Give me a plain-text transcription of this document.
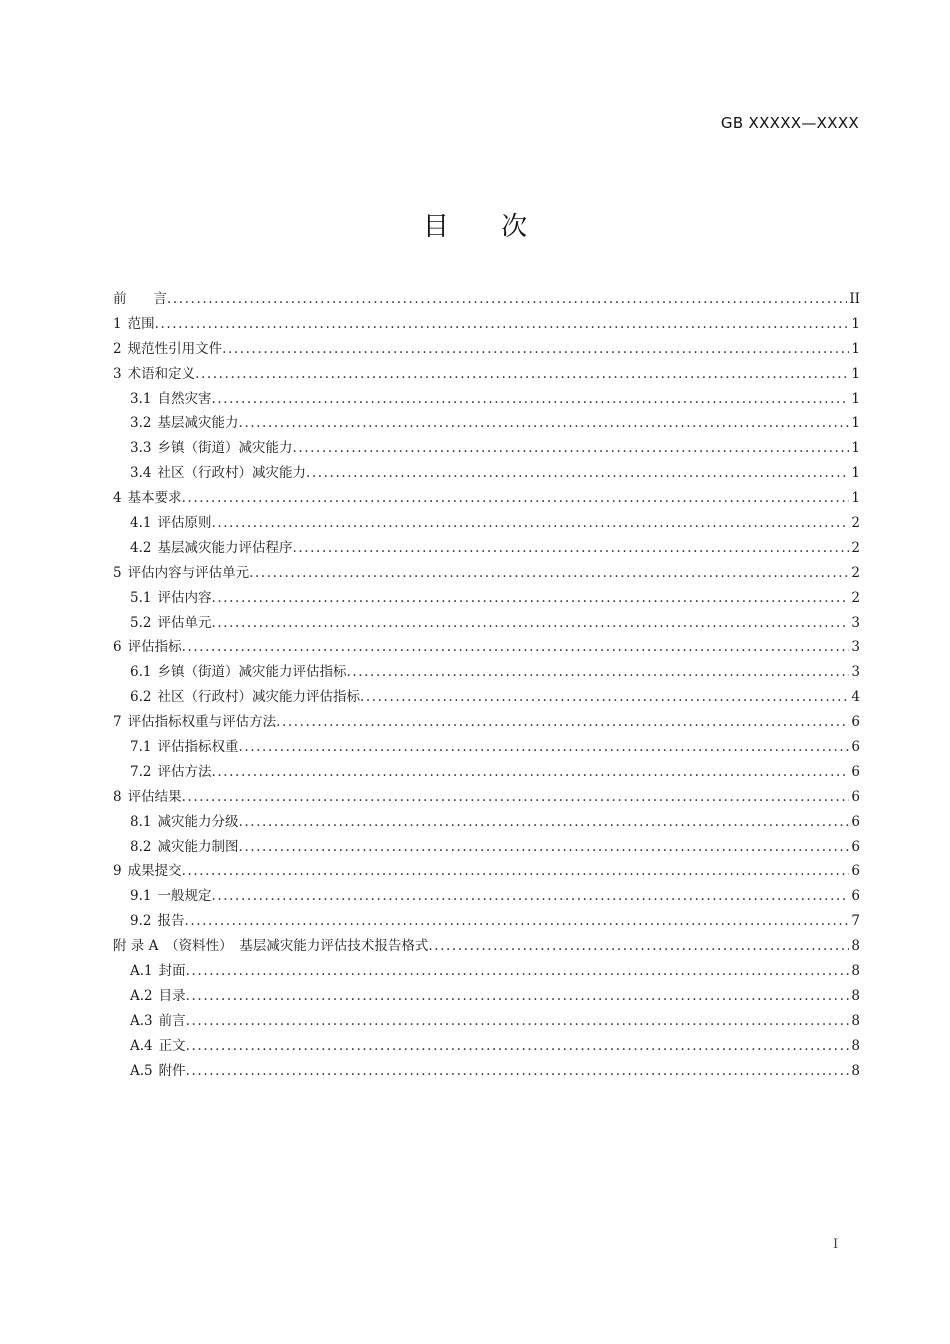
GB XXXXX—XXXX
目 次
前　　言 .....	II
1 范围 .....	1
2 规范性引用文件 .....	1
3 术语和定义 .....	1
3.1 自然灾害 .....	1
3.2 基层减灾能力 .....	1
3.3 乡镇（街道）减灾能力 .....	1
3.4 社区（行政村）减灾能力 .....	1
4 基本要求 .....	1
4.1 评估原则 .....	2
4.2 基层减灾能力评估程序 .....	2
5 评估内容与评估单元 .....	2
5.1 评估内容 .....	2
5.2 评估单元 .....	3
6 评估指标 .....	3
6.1 乡镇（街道）减灾能力评估指标 .....	3
6.2 社区（行政村）减灾能力评估指标 .....	4
7 评估指标权重与评估方法 .....	6
7.1 评估指标权重 .....	6
7.2 评估方法 .....	6
8 评估结果 .....	6
8.1 减灾能力分级 .....	6
8.2 减灾能力制图 .....	6
9 成果提交 .....	6
9.1 一般规定 .....	6
9.2 报告 .....	7
附 录 A　（资料性）　基层减灾能力评估技术报告格式 .....	8
A.1 封面 .....	8
A.2 目录 .....	8
A.3 前言 .....	8
A.4 正文 .....	8
A.5 附件 .....	8
I
